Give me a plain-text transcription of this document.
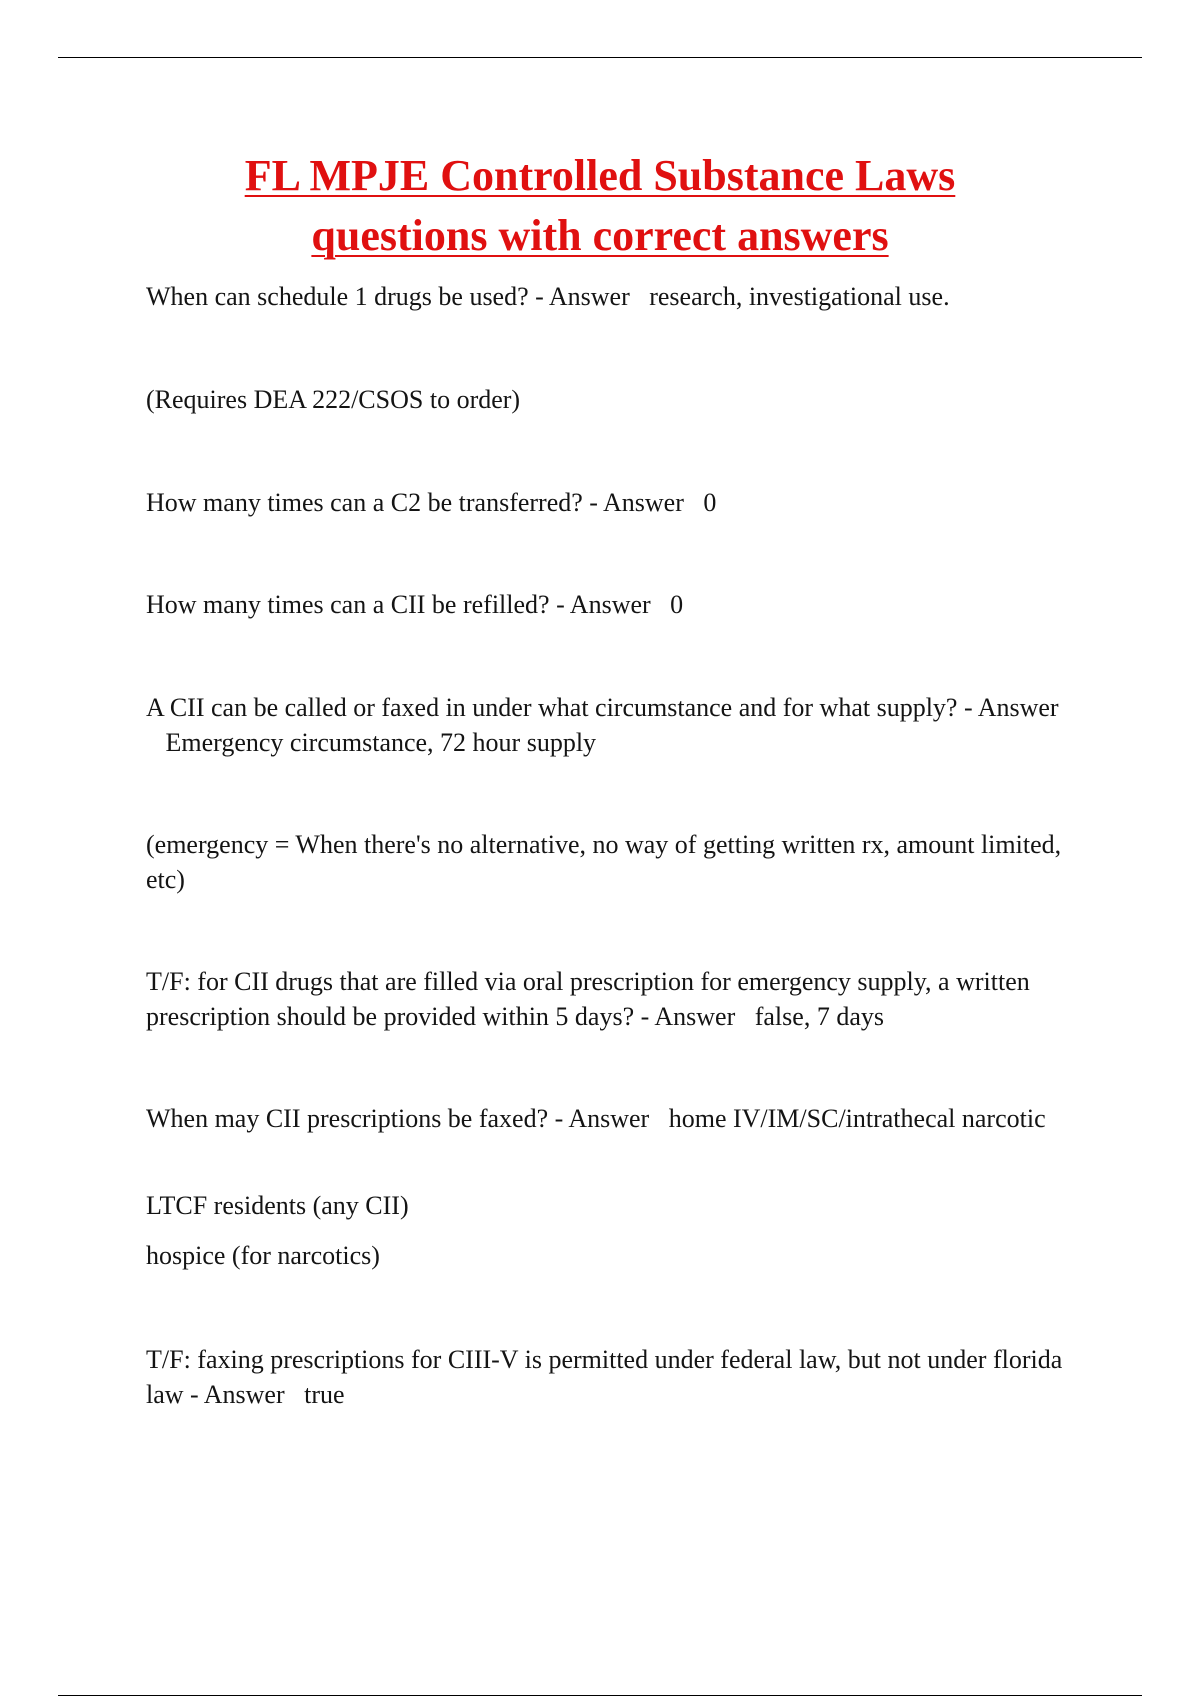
FL MPJE Controlled Substance Laws
questions with correct answers

When can schedule 1 drugs be used? - Answer research, investigational use.

(Requires DEA 222/CSOS to order)

How many times can a C2 be transferred? - Answer 0

How many times can a CII be refilled? - Answer 0

A CII can be called or faxed in under what circumstance and for what supply? - Answer   Emergency circumstance, 72 hour supply

(emergency = When there's no alternative, no way of getting written rx, amount limited, etc)

T/F: for CII drugs that are filled via oral prescription for emergency supply, a written prescription should be provided within 5 days? - Answer false, 7 days

When may CII prescriptions be faxed? - Answer home IV/IM/SC/intrathecal narcotic

LTCF residents (any CII)

hospice (for narcotics)

T/F: faxing prescriptions for CIII-V is permitted under federal law, but not under florida law - Answer true
